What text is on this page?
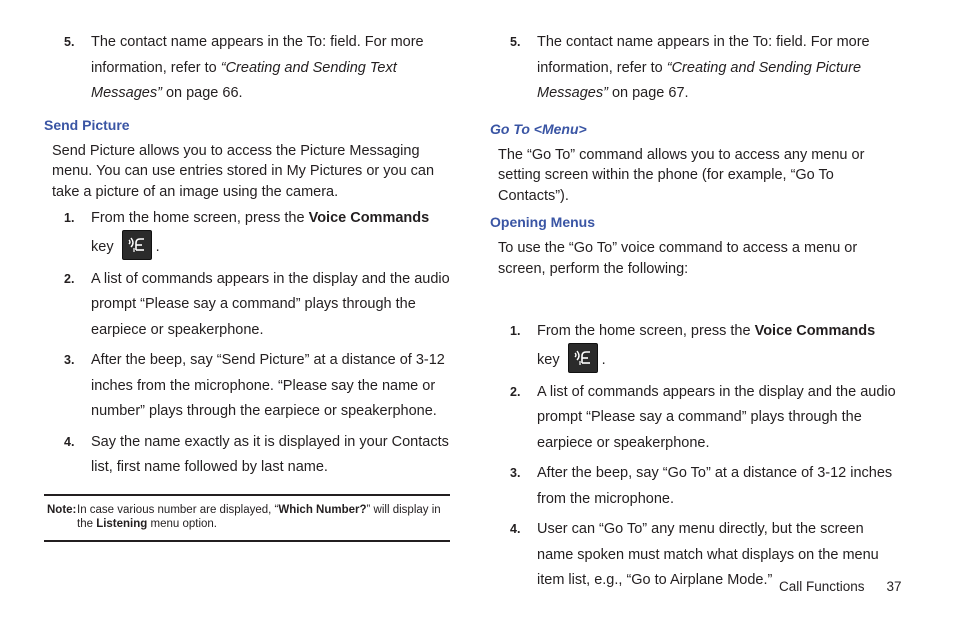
5. The contact name appears in the To: field. For more information, refer to “Creating and Sending Text Messages” on page 66.
Send Picture
Send Picture allows you to access the Picture Messaging menu. You can use entries stored in My Pictures or you can take a picture of an image using the camera.
1. From the home screen, press the Voice Commands key	.
2. A list of commands appears in the display and the audio prompt “Please say a command” plays through the earpiece or speakerphone.
3. After the beep, say “Send Picture” at a distance of 3-12 inches from the microphone. “Please say the name or number” plays through the earpiece or speakerphone.
4. Say the name exactly as it is displayed in your Contacts list, first name followed by last name.
Note: In case various number are displayed, “Which Number?” will display in the Listening menu option.
5. The contact name appears in the To: field. For more information, refer to “Creating and Sending Picture Messages” on page 67.
Go To <Menu>
The “Go To” command allows you to access any menu or setting screen within the phone (for example, “Go To Contacts”).
Opening Menus
To use the “Go To” voice command to access a menu or screen, perform the following:
1. From the home screen, press the Voice Commands key	.
2. A list of commands appears in the display and the audio prompt “Please say a command” plays through the earpiece or speakerphone.
3. After the beep, say “Go To” at a distance of 3-12 inches from the microphone.
4. User can “Go To” any menu directly, but the screen name spoken must match what displays on the menu item list, e.g., “Go to Airplane Mode.” Call Functions 37
